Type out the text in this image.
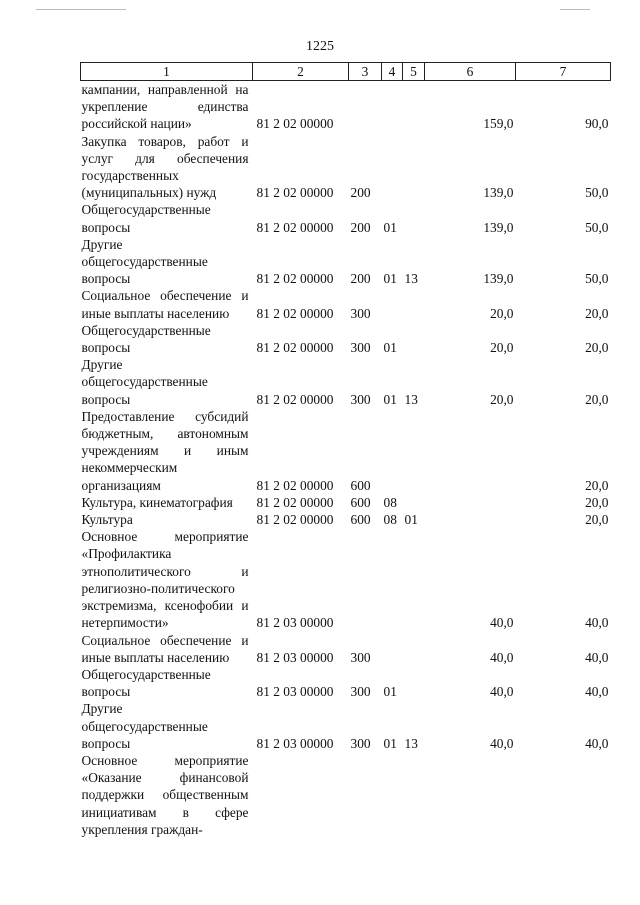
1225
1	2	3	4	5	6	7
кампании, направленной на укрепление единства российской нации»	81 2 02 00000				159,0	90,0
Закупка товаров, работ и услуг для обеспечения государственных (муниципальных) нужд	81 2 02 00000	200			139,0	50,0
Общегосударственные вопросы	81 2 02 00000	200	01		139,0	50,0
Другие общегосударственные вопросы	81 2 02 00000	200	01	13	139,0	50,0
Социальное обеспечение и иные выплаты населению	81 2 02 00000	300			20,0	20,0
Общегосударственные вопросы	81 2 02 00000	300	01		20,0	20,0
Другие общегосударственные вопросы	81 2 02 00000	300	01	13	20,0	20,0
Предоставление субсидий бюджетным, автономным учреждениям и иным некоммерческим организациям	81 2 02 00000	600				20,0
Культура, кинематография	81 2 02 00000	600	08			20,0
Культура	81 2 02 00000	600	08	01		20,0
Основное мероприятие «Профилактика этнополитического и религиозно-политического экстремизма, ксенофобии и нетерпимости»	81 2 03 00000				40,0	40,0
Социальное обеспечение и иные выплаты населению	81 2 03 00000	300			40,0	40,0
Общегосударственные вопросы	81 2 03 00000	300	01		40,0	40,0
Другие общегосударственные вопросы	81 2 03 00000	300	01	13	40,0	40,0
Основное мероприятие «Оказание финансовой поддержки общественным инициативам в сфере укрепления граждан-						
